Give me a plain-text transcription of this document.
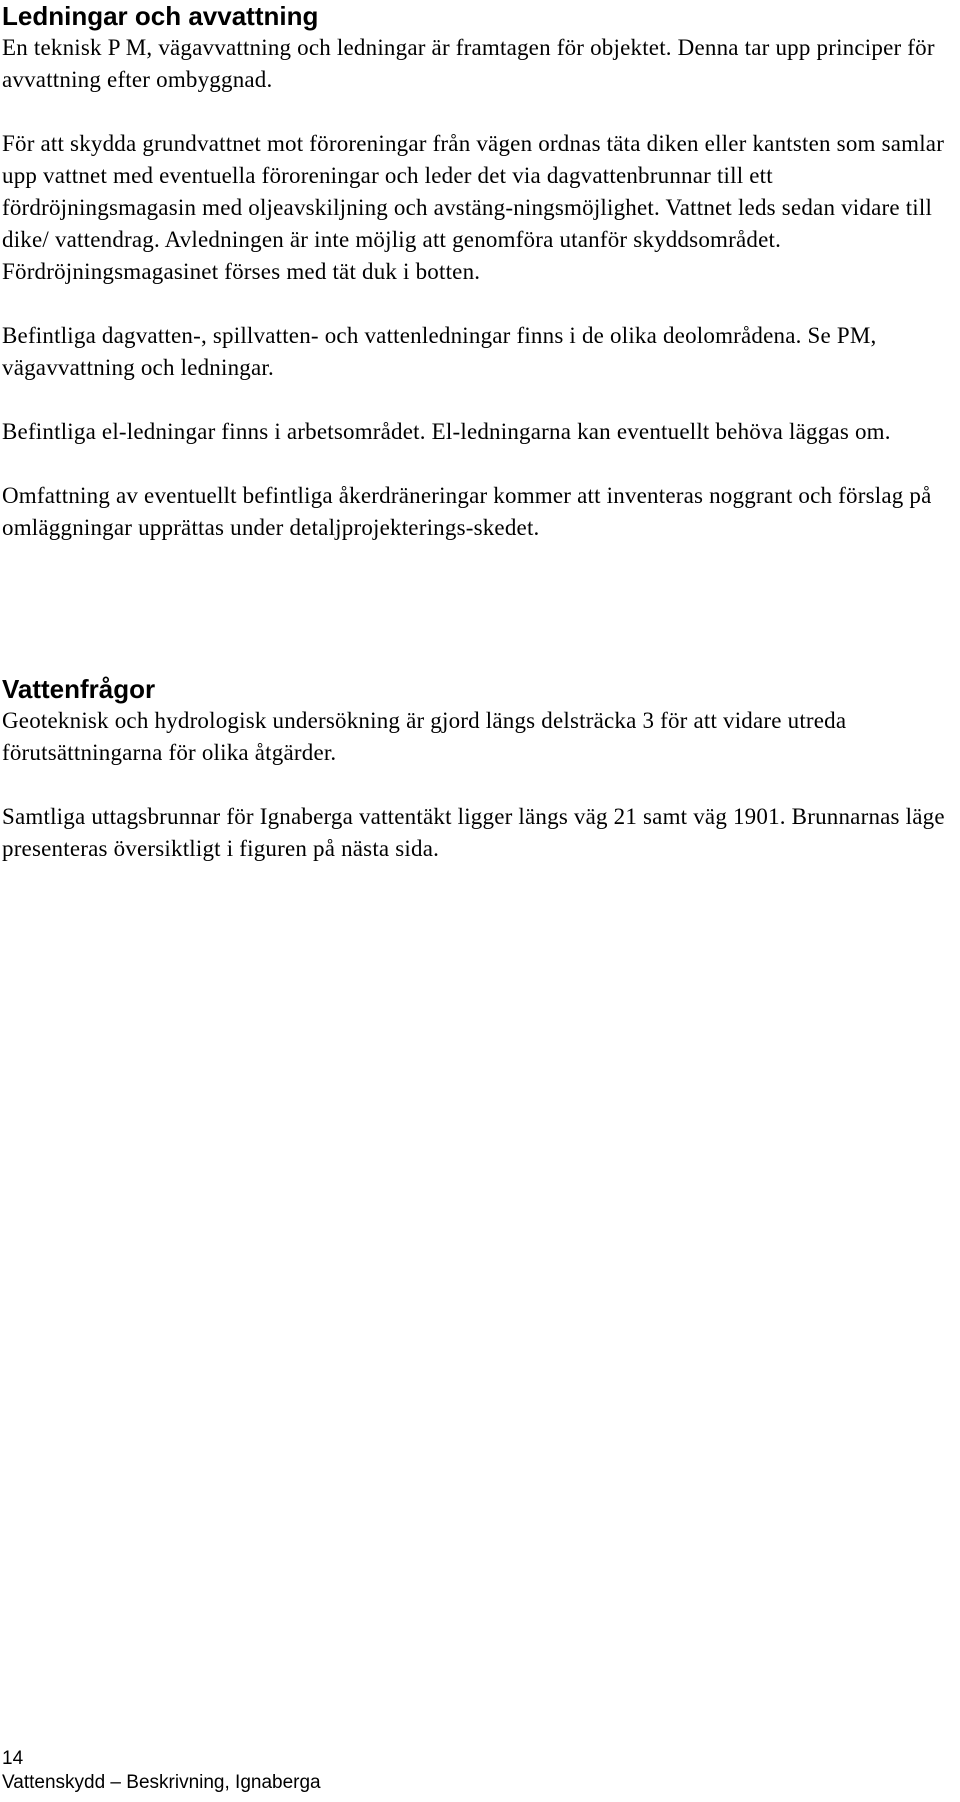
Ledningar och avvattning

En teknisk P M, vägavvattning och ledningar är framtagen för objektet. Denna tar upp principer för avvattning efter ombyggnad.

För att skydda grundvattnet mot föroreningar från vägen ordnas täta diken eller kantsten som samlar upp vattnet med eventuella föroreningar och leder det via dagvattenbrunnar till ett fördröjningsmagasin med oljeavskiljning och avstäng-ningsmöjlighet. Vattnet leds sedan vidare till dike/ vattendrag. Avledningen är inte möjlig att genomföra utanför skyddsområdet. Fördröjningsmagasinet förses med tät duk i botten.

Befintliga dagvatten-, spillvatten- och vattenledningar finns i de olika deolområdena. Se PM, vägavvattning och ledningar.

Befintliga el-ledningar finns i arbetsområdet. El-ledningarna kan eventuellt behöva läggas om.

Omfattning av eventuellt befintliga åkerdräneringar kommer att inventeras noggrant och förslag på omläggningar upprättas under detaljprojekterings-skedet.

Vattenfrågor

Geoteknisk och hydrologisk undersökning är gjord längs delsträcka 3 för att vidare utreda förutsättningarna för olika åtgärder.

Samtliga uttagsbrunnar för Ignaberga vattentäkt ligger längs väg 21 samt väg 1901. Brunnarnas läge presenteras översiktligt i figuren på nästa sida.

14
Vattenskydd – Beskrivning, Ignaberga
